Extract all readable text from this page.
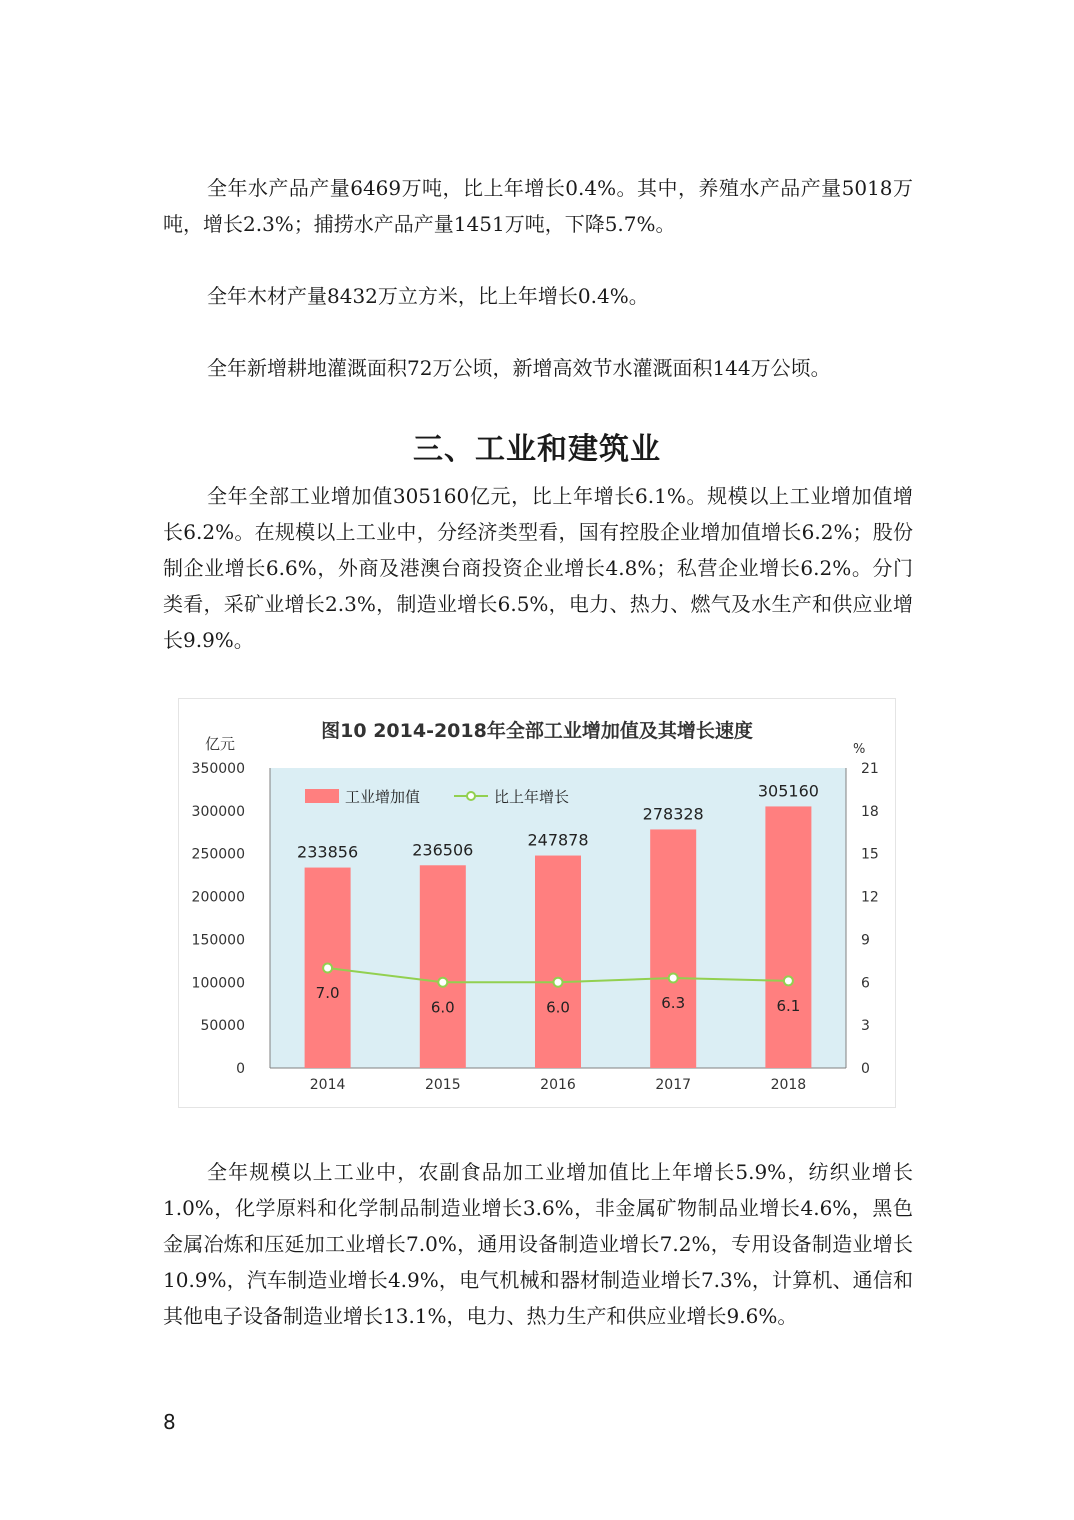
全年水产品产量6469万吨，比上年增长0.4%。其中，养殖水产品产量5018万吨，增长2.3%；捕捞水产品产量1451万吨，下降5.7%。

全年木材产量8432万立方米，比上年增长0.4%。

全年新增耕地灌溉面积72万公顷，新增高效节水灌溉面积144万公顷。

三、工业和建筑业

全年全部工业增加值305160亿元，比上年增长6.1%。规模以上工业增加值增长6.2%。在规模以上工业中，分经济类型看，国有控股企业增加值增长6.2%；股份制企业增长6.6%，外商及港澳台商投资企业增长4.8%；私营企业增长6.2%。分门类看，采矿业增长2.3%，制造业增长6.5%，电力、热力、燃气及水生产和供应业增长9.9%。

图10 2014-2018年全部工业增加值及其增长速度
亿元	%
0
50000
100000
150000
200000
250000
300000
350000
0
3
6
9
12
15
18
21
233856	236506
247878
278328
305160
2014	2015	2016	2017	2018
7.0
6.0	6.0	6.3	6.1
工业增加值	比上年增长

全年规模以上工业中，农副食品加工业增加值比上年增长5.9%，纺织业增长1.0%，化学原料和化学制品制造业增长3.6%，非金属矿物制品业增长4.6%，黑色金属冶炼和压延加工业增长7.0%，通用设备制造业增长7.2%，专用设备制造业增长10.9%，汽车制造业增长4.9%，电气机械和器材制造业增长7.3%，计算机、通信和其他电子设备制造业增长13.1%，电力、热力生产和供应业增长9.6%。

8
